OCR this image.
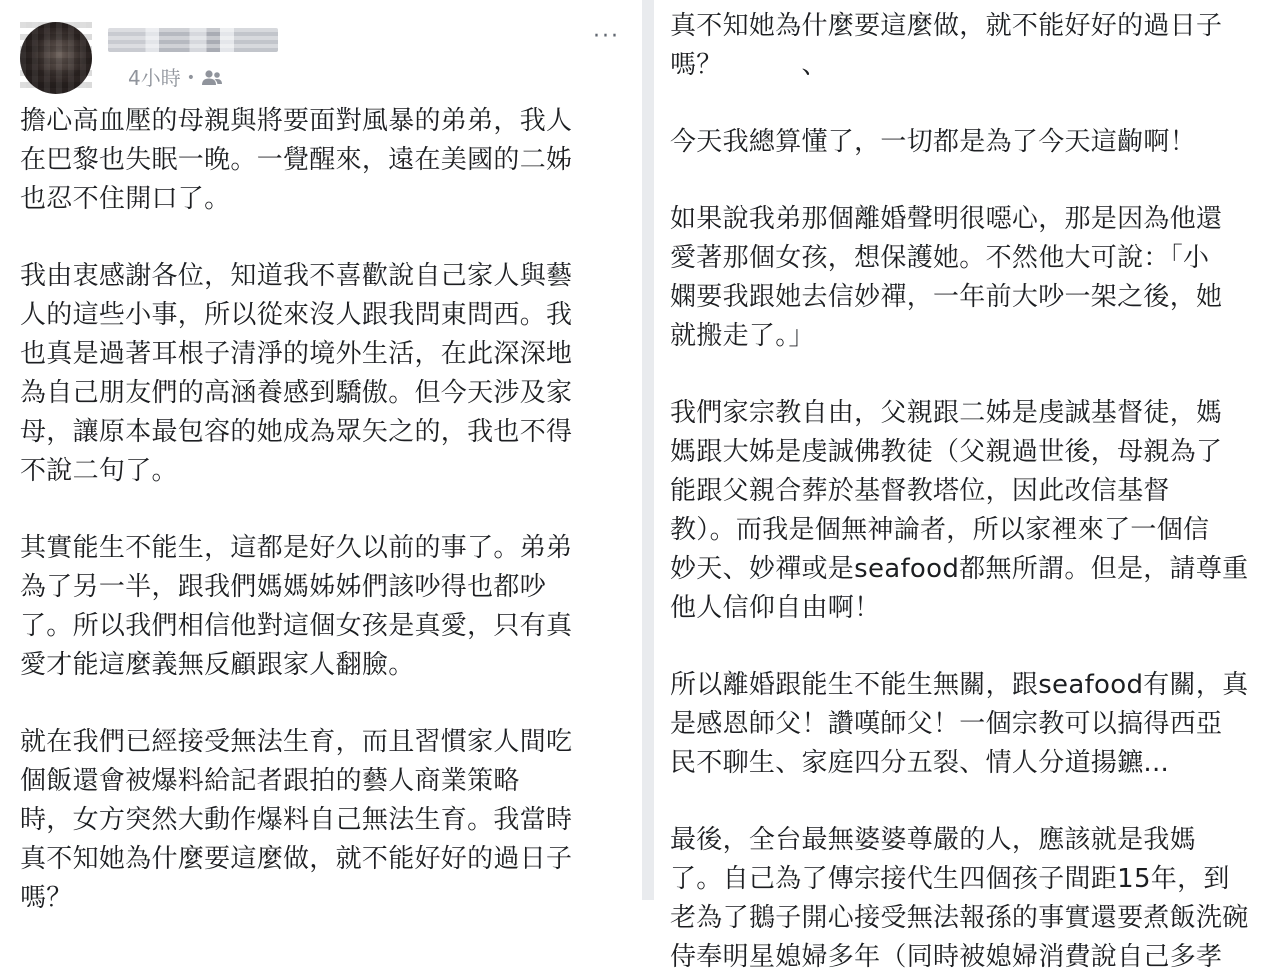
4小時 •
···

擔心高血壓的母親與將要面對風暴的弟弟，我人
在巴黎也失眠一晚。一覺醒來，遠在美國的二姊
也忍不住開口了。

我由衷感謝各位，知道我不喜歡說自己家人與藝
人的這些小事，所以從來沒人跟我問東問西。我
也真是過著耳根子清淨的境外生活，在此深深地
為自己朋友們的高涵養感到驕傲。但今天涉及家
母，讓原本最包容的她成為眾矢之的，我也不得
不說二句了。

其實能生不能生，這都是好久以前的事了。弟弟
為了另一半，跟我們媽媽姊姊們該吵得也都吵
了。所以我們相信他對這個女孩是真愛，只有真
愛才能這麼義無反顧跟家人翻臉。

就在我們已經接受無法生育，而且習慣家人間吃
個飯還會被爆料給記者跟拍的藝人商業策略
時，女方突然大動作爆料自己無法生育。我當時
真不知她為什麼要這麼做，就不能好好的過日子
嗎？

真不知她為什麼要這麼做，就不能好好的過日子
嗎？　　　、

今天我總算懂了，一切都是為了今天這齣啊！

如果說我弟那個離婚聲明很噁心，那是因為他還
愛著那個女孩，想保護她。不然他大可說：「小
嫻要我跟她去信妙禪，一年前大吵一架之後，她
就搬走了。」

我們家宗教自由，父親跟二姊是虔誠基督徒，媽
媽跟大姊是虔誠佛教徒（父親過世後，母親為了
能跟父親合葬於基督教塔位，因此改信基督
教）。而我是個無神論者，所以家裡來了一個信
妙天、妙禪或是seafood都無所謂。但是，請尊重
他人信仰自由啊！

所以離婚跟能生不能生無關，跟seafood有關，真
是感恩師父！讚嘆師父！一個宗教可以搞得西亞
民不聊生、家庭四分五裂、情人分道揚鑣...

最後，全台最無婆婆尊嚴的人，應該就是我媽
了。自己為了傳宗接代生四個孩子間距15年，到
老為了鵝子開心接受無法報孫的事實還要煮飯洗碗
侍奉明星媳婦多年（同時被媳婦消費說自己多孝
